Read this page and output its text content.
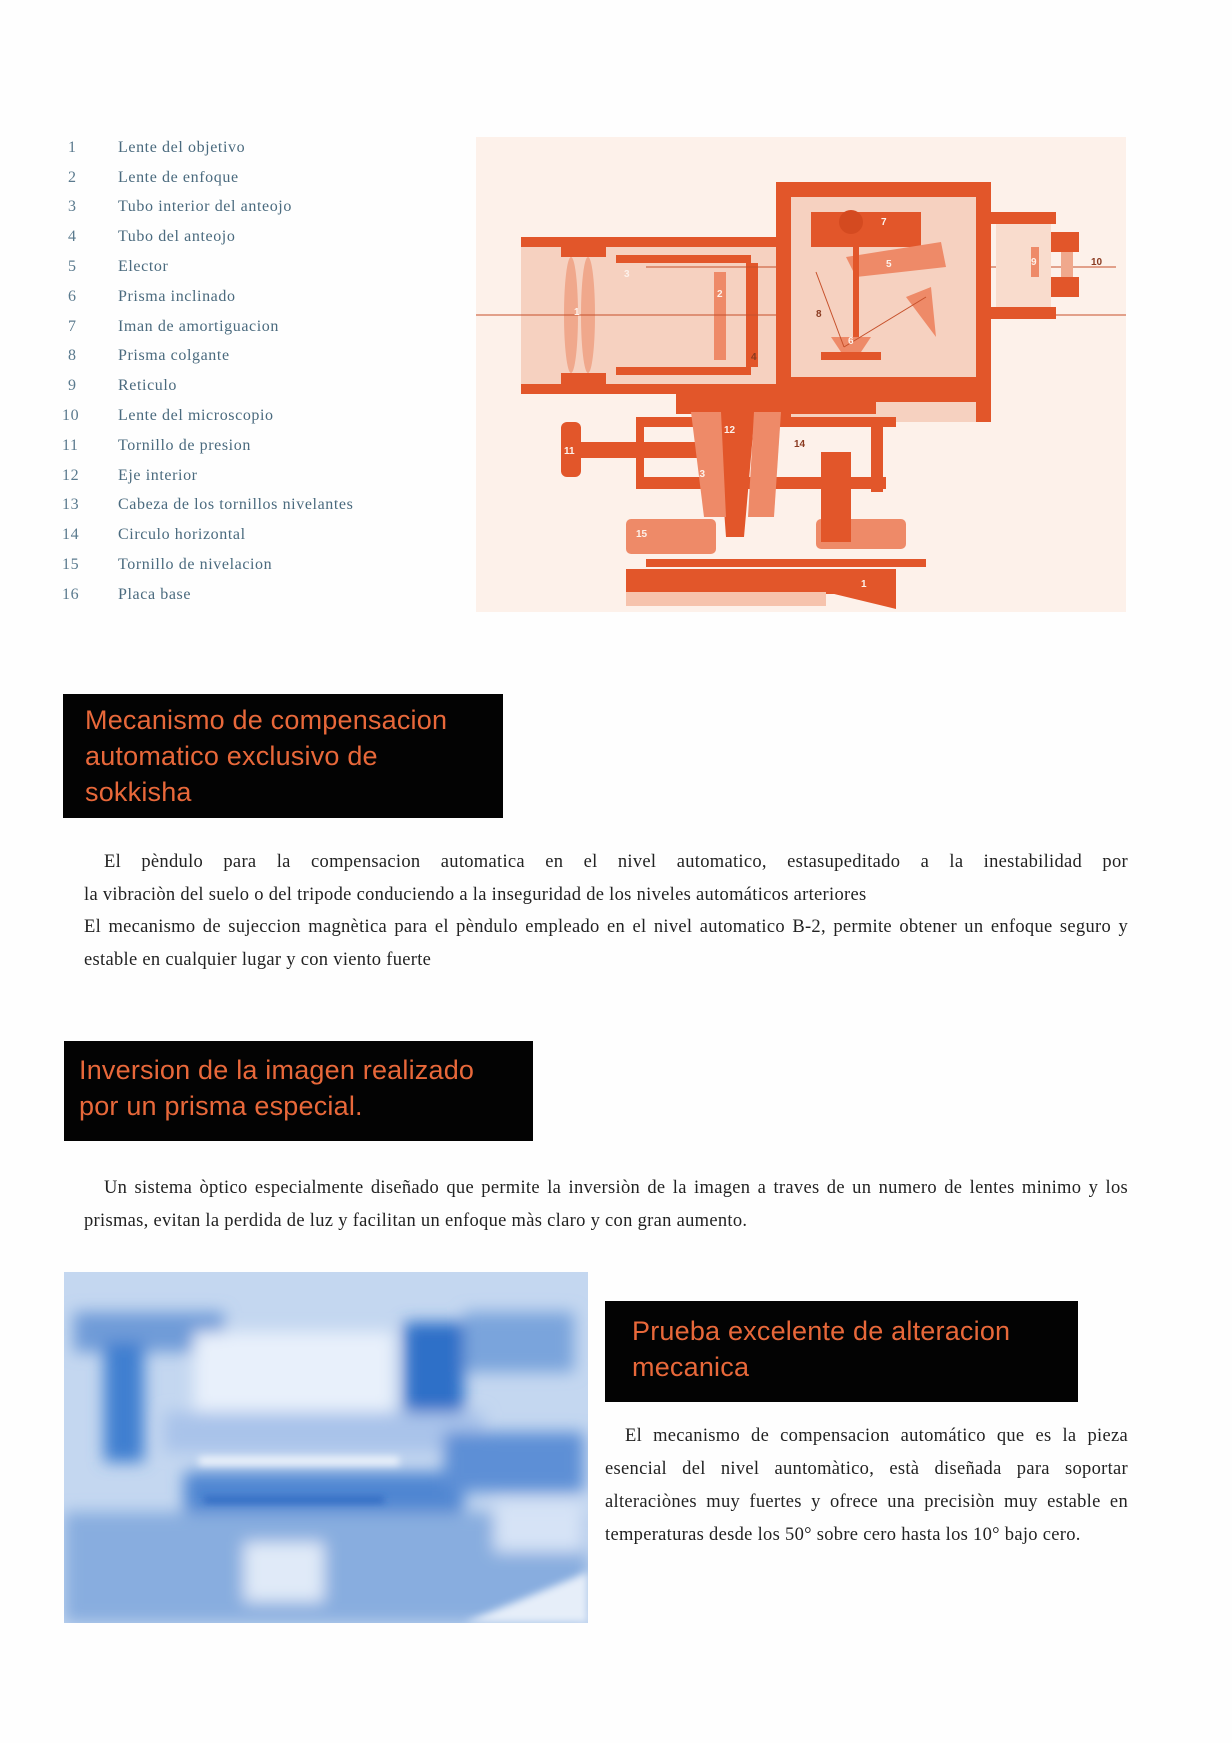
1	Lente del objetivo
2	Lente de enfoque
3	Tubo interior del anteojo
4	Tubo del anteojo
5	Elector
6	Prisma inclinado
7	Iman de amortiguacion
8	Prisma colgante
9	Reticulo
10	Lente del microscopio
11	Tornillo de presion
12	Eje interior
13	Cabeza de los tornillos nivelantes
14	Circulo horizontal
15	Tornillo de nivelacion
16	Placa base
1
2
3
4
5
6
7
8
9	10
11
12
13
14
15
1
Mecanismo de compensacion
automatico exclusivo de
sokkisha

El pèndulo para la compensacion automatica en el nivel automatico, estasupeditado a la inestabilidad por

la vibraciòn del suelo o del tripode conduciendo a la inseguridad de los niveles automáticos arteriores

El mecanismo de sujeccion magnètica para el pèndulo empleado en el nivel automatico B-2, permite obtener un enfoque seguro y estable en cualquier lugar y con viento fuerte

Inversion de la imagen realizado
por un prisma especial.
Un sistema òptico especialmente diseñado que permite la inversiòn de la imagen a traves de un numero de lentes minimo y los prismas, evitan la perdida de luz y facilitan un enfoque màs claro y con gran aumento.
Prueba excelente de alteracion
mecanica
El mecanismo de compensacion automático que es la pieza esencial del nivel auntomàtico, està diseñada para soportar alteraciònes muy fuertes y ofrece una precisiòn muy estable en temperaturas desde los 50° sobre cero hasta los 10° bajo cero.
